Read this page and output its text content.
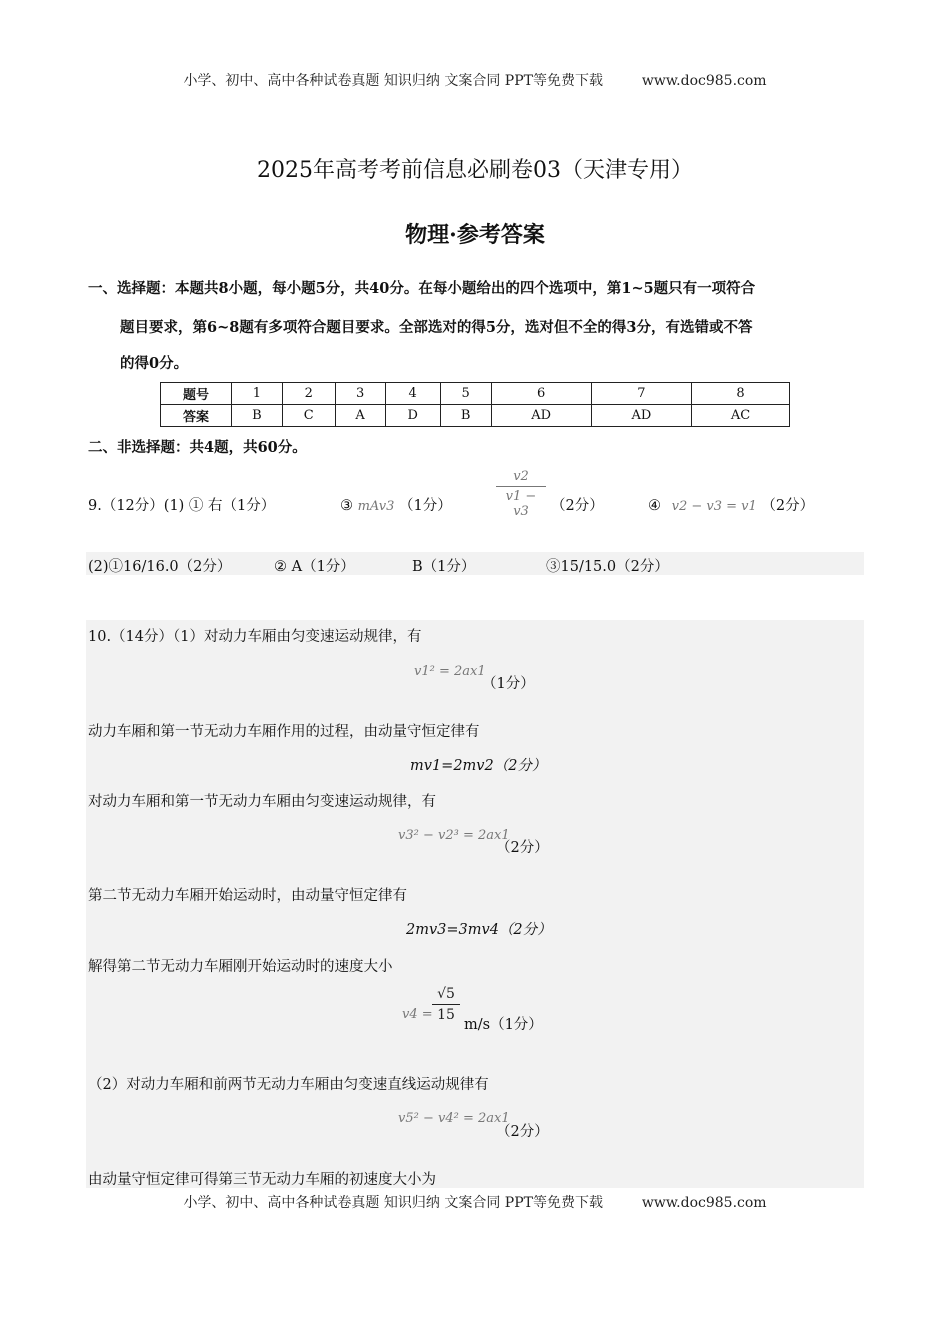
小学、初中、高中各种试卷真题 知识归纳 文案合同 PPT等免费下载	www.doc985.com
2025年高考考前信息必刷卷03（天津专用）
物理·参考答案
一、选择题：本题共8小题，每小题5分，共40分。在每小题给出的四个选项中，第1~5题只有一项符合
题目要求，第6~8题有多项符合题目要求。全部选对的得5分，选对但不全的得3分，有选错或不答
的得0分。
题号	1	2	3	4	5	6	7	8
答案	B	C	A	D	B	AD	AD	AC
二、非选择题：共4题，共60分。
9.（12分）(1) ① 右（1分）	③ mAv3 （1分）
v2
v1 − v3	（2分）	④ v2 − v3 = v1 （2分）
(2)①16/16.0（2分）	② A（1分）	B（1分）	③15/15.0（2分）
10.（14分）（1）对动力车厢由匀变速运动规律，有
v1² = 2ax1
（1分）
动力车厢和第一节无动力车厢作用的过程，由动量守恒定律有
mv1=2mv2（2分）
对动力车厢和第一节无动力车厢由匀变速运动规律，有
v3² − v2³ = 2ax1
（2分）
第二节无动力车厢开始运动时，由动量守恒定律有
2mv3=3mv4（2分）
解得第二节无动力车厢刚开始运动时的速度大小
v4 =
√5
15
m/s（1分）
（2）对动力车厢和前两节无动力车厢由匀变速直线运动规律有
v5² − v4² = 2ax1
（2分）
由动量守恒定律可得第三节无动力车厢的初速度大小为
小学、初中、高中各种试卷真题 知识归纳 文案合同 PPT等免费下载	www.doc985.com
